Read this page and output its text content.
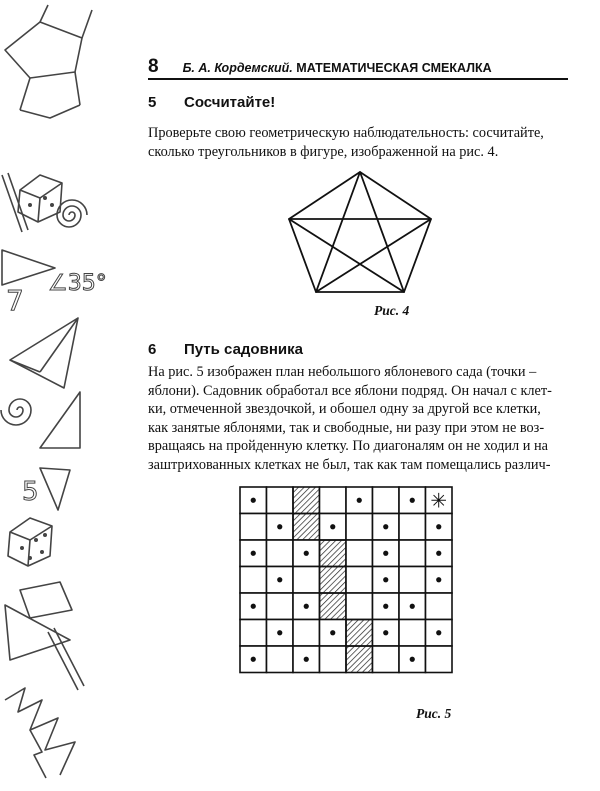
∠35°
7
5
8 Б. А. Кордемский. МАТЕМАТИЧЕСКАЯ СМЕКАЛКА
5 Сосчитайте!
Проверьте свою геометрическую наблюдательность: сосчитайте,
сколько треугольников в фигуре, изображенной на рис. 4.
Рис. 4
6 Путь садовника
На рис. 5 изображен план небольшого яблоневого сада (точки –
яблони). Садовник обработал все яблони подряд. Он начал с клет-
ки, отмеченной звездочкой, и обошел одну за другой все клетки,
как занятые яблонями, так и свободные, ни разу при этом не воз-
вращаясь на пройденную клетку. По диагоналям он не ходил и на
заштрихованных клетках не был, так как там помещались различ-
✳
Рис. 5
